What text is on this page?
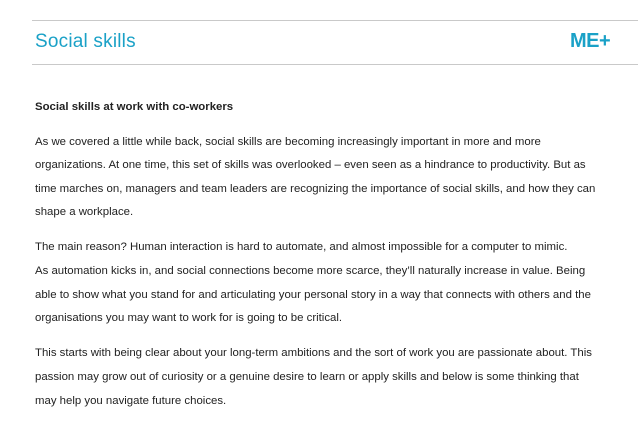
Social skills	ME+
Social skills at work with co-workers

As we covered a little while back, social skills are becoming increasingly important in more and more
organizations. At one time, this set of skills was overlooked – even seen as a hindrance to productivity. But as
time marches on, managers and team leaders are recognizing the importance of social skills, and how they can
shape a workplace.

The main reason? Human interaction is hard to automate, and almost impossible for a computer to mimic.
As automation kicks in, and social connections become more scarce, they’ll naturally increase in value. Being
able to show what you stand for and articulating your personal story in a way that connects with others and the
organisations you may want to work for is going to be critical.

This starts with being clear about your long-term ambitions and the sort of work you are passionate about. This
passion may grow out of curiosity or a genuine desire to learn or apply skills and below is some thinking that
may help you navigate future choices.
